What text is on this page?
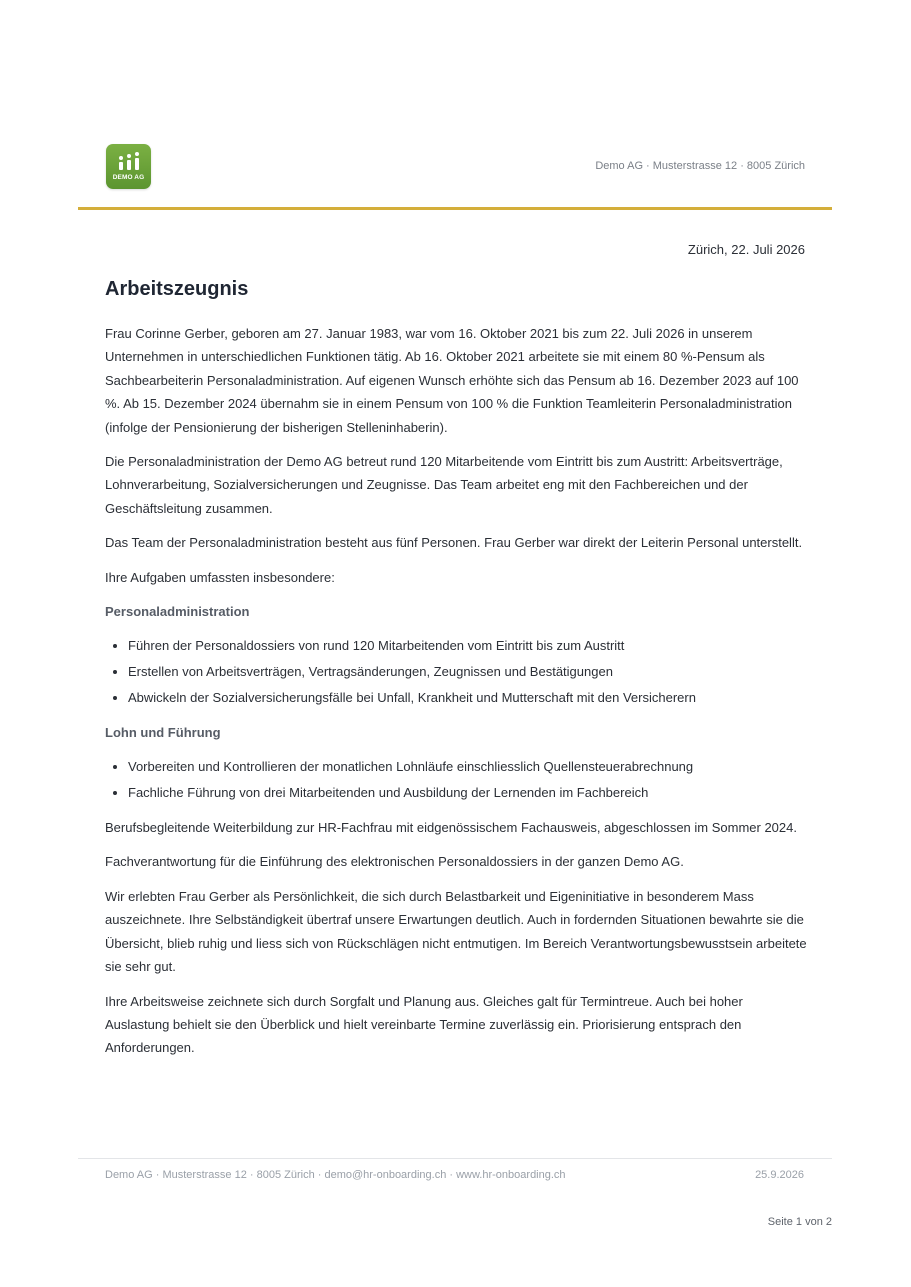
DEMO AG
Demo AG · Musterstrasse 12 · 8005 Zürich
Zürich, 22. Juli 2026
Arbeitszeugnis

Frau Corinne Gerber, geboren am 27. Januar 1983, war vom 16. Oktober 2021 bis zum 22. Juli 2026 in unserem Unternehmen in unterschiedlichen Funktionen tätig. Ab 16. Oktober 2021 arbeitete sie mit einem 80 %-Pensum als Sachbearbeiterin Personaladministration. Auf eigenen Wunsch erhöhte sich das Pensum ab 16. Dezember 2023 auf 100 %. Ab 15. Dezember 2024 übernahm sie in einem Pensum von 100 % die Funktion Teamleiterin Personaladministration (infolge der Pensionierung der bisherigen Stelleninhaberin).

Die Personaladministration der Demo AG betreut rund 120 Mitarbeitende vom Eintritt bis zum Austritt: Arbeitsverträge, Lohnverarbeitung, Sozialversicherungen und Zeugnisse. Das Team arbeitet eng mit den Fachbereichen und der Geschäftsleitung zusammen.

Das Team der Personaladministration besteht aus fünf Personen. Frau Gerber war direkt der Leiterin Personal unterstellt.

Ihre Aufgaben umfassten insbesondere:

Personaladministration
Führen der Personaldossiers von rund 120 Mitarbeitenden vom Eintritt bis zum Austritt
Erstellen von Arbeitsverträgen, Vertragsänderungen, Zeugnissen und Bestätigungen
Abwickeln der Sozialversicherungsfälle bei Unfall, Krankheit und Mutterschaft mit den Versicherern
Lohn und Führung
Vorbereiten und Kontrollieren der monatlichen Lohnläufe einschliesslich Quellensteuerabrechnung
Fachliche Führung von drei Mitarbeitenden und Ausbildung der Lernenden im Fachbereich

Berufsbegleitende Weiterbildung zur HR-Fachfrau mit eidgenössischem Fachausweis, abgeschlossen im Sommer 2024.

Fachverantwortung für die Einführung des elektronischen Personaldossiers in der ganzen Demo AG.

Wir erlebten Frau Gerber als Persönlichkeit, die sich durch Belastbarkeit und Eigeninitiative in besonderem Mass auszeichnete. Ihre Selbständigkeit übertraf unsere Erwartungen deutlich. Auch in fordernden Situationen bewahrte sie die Übersicht, blieb ruhig und liess sich von Rückschlägen nicht entmutigen. Im Bereich Verantwortungsbewusstsein arbeitete sie sehr gut.

Ihre Arbeitsweise zeichnete sich durch Sorgfalt und Planung aus. Gleiches galt für Termintreue. Auch bei hoher Auslastung behielt sie den Überblick und hielt vereinbarte Termine zuverlässig ein. Priorisierung entsprach den Anforderungen.

Demo AG · Musterstrasse 12 · 8005 Zürich · demo@hr-onboarding.ch · www.hr-onboarding.ch	25.9.2026
Seite 1 von 2
